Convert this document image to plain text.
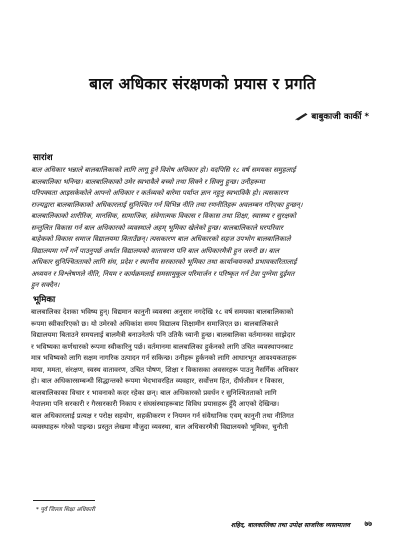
बाल अधिकार संरक्षणको प्रयास र प्रगति
बाबुकाजी कार्की *
सारांश
बाल अधिकार भन्नाले बालबालिकाको लागि लागू हुने विशेष अधिकार हो। यदपिसि १८ वर्ष समयका समुहलाई
बालबालिका भनिन्छ। बालबालिकाको उमेर स्वभावैले बच्चो तथा सिक्ने र सिक्नु हुन्छ। उनीहरूमा
परिपक्वता आइसकेकोले आफ्नो अधिकार र कर्तव्यको बारेमा पर्याप्त ज्ञान नहुनु स्वभाविकै हो। त्यसकारण
राज्यद्वारा बालबालिकाको अधिकारलाई सुनिश्चित गर्न विभिन्न नीति तथा रणनीतिहरू अवलम्बन गरिएका हुन्छन्।
बालबालिकाको शारीरिक, मानसिक, सामाजिक, संवेगात्मक विकास र विकास तथा शिक्षा, स्वास्थ्य र सुरक्षको
सन्तुलित विकास गर्न बाल अधिकारको व्यवस्थाले अहम् भूमिका खेलेको हुन्छ। बालबालिकाले घरपरिवार
बाहेकको विकास समाज विद्यालयमा बिताउँछन्। त्यसकारण बाल अधिकारको सहज उपभोग बालबालिकाले
विद्यालयमा गर्ने गर्ने पाउनुपर्छ अर्थात विद्यालयको वातावरण पनि बाल अधिकारमैत्री हुन जरुरी छ। बाल
अधिकार सुनिश्चितताको लागि संघ, प्रदेश र स्थानीय सरकारको भूमिका तथा कार्यान्वयनको प्रभावकारितालाई
अध्ययन र विश्लेषणले नीति, नियम र कार्यक्रमलाई समसामुकूल परिमार्जन र परिष्कृत गर्न टेवा पुग्नेमा दुईमत
हुन सक्दैन।
भूमिका
बालबालिका देशका भविष्य हुन्। विद्यमान कानुनी व्यवस्था अनुसार नगदेखि १८ वर्ष समयका बालबालिकाको
रूपमा स्वीकारिएको छ। यो उमेरको अधिकांश समय विद्यालय शिक्षामीन समाजिएत छ। बालबालिकाले
विद्यालयमा बिताउने समयलाई बालमैत्री बनाउनेतर्फ पनि उतिकै ध्यानी हुन्छ। बालबालिका वर्तमानका साझेदार
र भविष्यका कर्णधारको रूपमा स्वीकारिनु पर्छ। वर्तमानमा बालबालिका हुर्कनको लागि उचित व्यवस्थापनबाट
मात्र भविष्यको लागि सक्षम नागरिक उत्पादन गर्न सकिन्छ। उनीहरू हुर्कनको लागि आधारभूत आवश्यकताहरू
माया, ममता, संरक्षण, स्वस्थ वातावरण, उचित पोषण, शिक्षा र विकासका अवसरहरू पाउनु नैसर्गिक अधिकार
हो। बाल अधिकारसम्बन्धी सिद्धान्तको रूपमा भेदभावरहित व्यवहार, सर्वोत्तम हित, दीर्घजीवन र विकास,
बालबालिकाका विचार र भावनाको कदर रहेका छन्। बाल अधिकारको प्रवर्धन र सुनिश्चितताको लागि
नेपालमा पनि सरकारी र गैरसरकारी निकाय र संघसंस्थाहरूबाट विविध प्रयासहरू हुँदै आएको देखिन्छ।
बाल अधिकारलाई प्रत्यक्ष र परोक्ष सहयोग, सहकीकरण र नियमन गर्न संवैधानिक एवम् कानुनी तथा नीतिगत
व्यवस्थाहरू गरेको पाइन्छ। प्रस्तुत लेखमा मौजुदा व्यवस्था, बाल अधिकारमैत्री विद्यालयको भूमिका, चुनौती
* पूर्व जिल्ला शिक्षा अधिकारी
शहिद, बालकालिका तथा उपोक्ष साजरिक व्यस्तमालव ७७
